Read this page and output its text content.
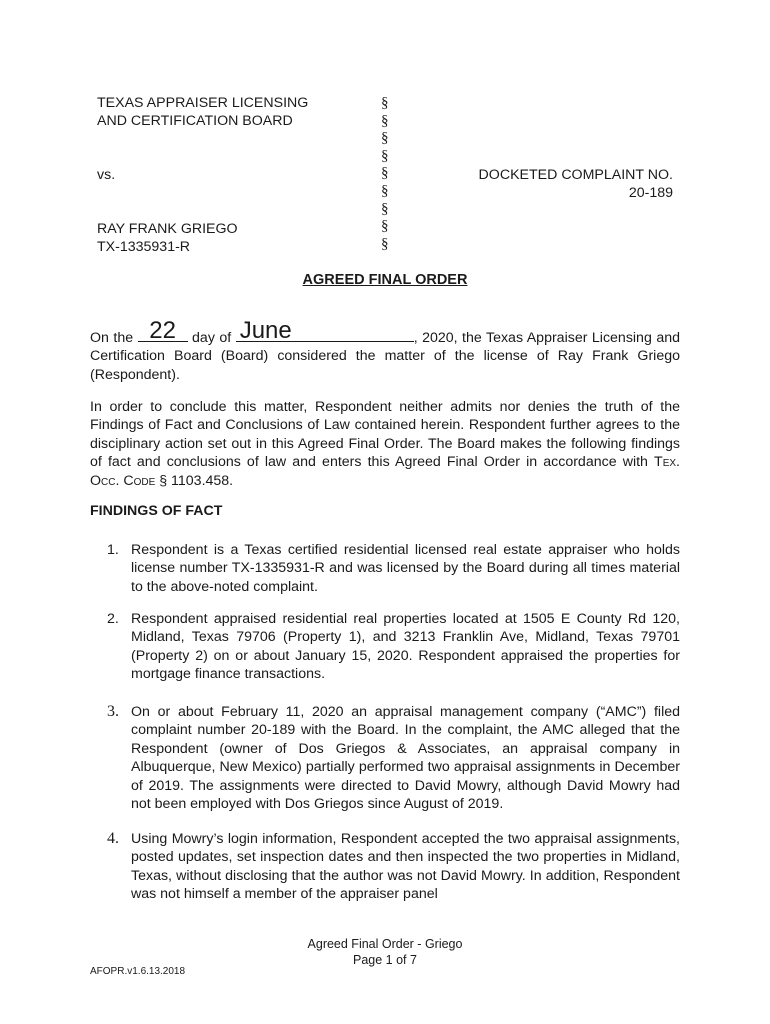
TEXAS APPRAISER LICENSING
AND CERTIFICATION BOARD
vs.
RAY FRANK GRIEGO
TX-1335931-R
§
§
§
§
§
§
§
§
§
DOCKETED COMPLAINT NO.
20-189
AGREED FINAL ORDER
On the 22	day of June	, 2020, the Texas Appraiser Licensing and Certification Board (Board) considered the matter of the license of Ray Frank Griego (Respondent).
In order to conclude this matter, Respondent neither admits nor denies the truth of the Findings of Fact and Conclusions of Law contained herein. Respondent further agrees to the disciplinary action set out in this Agreed Final Order. The Board makes the following findings of fact and conclusions of law and enters this Agreed Final Order in accordance with Tex. Occ. Code § 1103.458.
FINDINGS OF FACT
1. Respondent is a Texas certified residential licensed real estate appraiser who holds license number TX-1335931-R and was licensed by the Board during all times material to the above-noted complaint.
2. Respondent appraised residential real properties located at 1505 E County Rd 120, Midland, Texas 79706 (Property 1), and 3213 Franklin Ave, Midland, Texas 79701 (Property 2) on or about January 15, 2020. Respondent appraised the properties for mortgage finance transactions.
3. On or about February 11, 2020 an appraisal management company (“AMC”) filed complaint number 20-189 with the Board. In the complaint, the AMC alleged that the Respondent (owner of Dos Griegos & Associates, an appraisal company in Albuquerque, New Mexico) partially performed two appraisal assignments in December of 2019. The assignments were directed to David Mowry, although David Mowry had not been employed with Dos Griegos since August of 2019.
4. Using Mowry’s login information, Respondent accepted the two appraisal assignments, posted updates, set inspection dates and then inspected the two properties in Midland, Texas, without disclosing that the author was not David Mowry. In addition, Respondent was not himself a member of the appraiser panel
Agreed Final Order - Griego
Page 1 of 7
AFOPR.v1.6.13.2018
